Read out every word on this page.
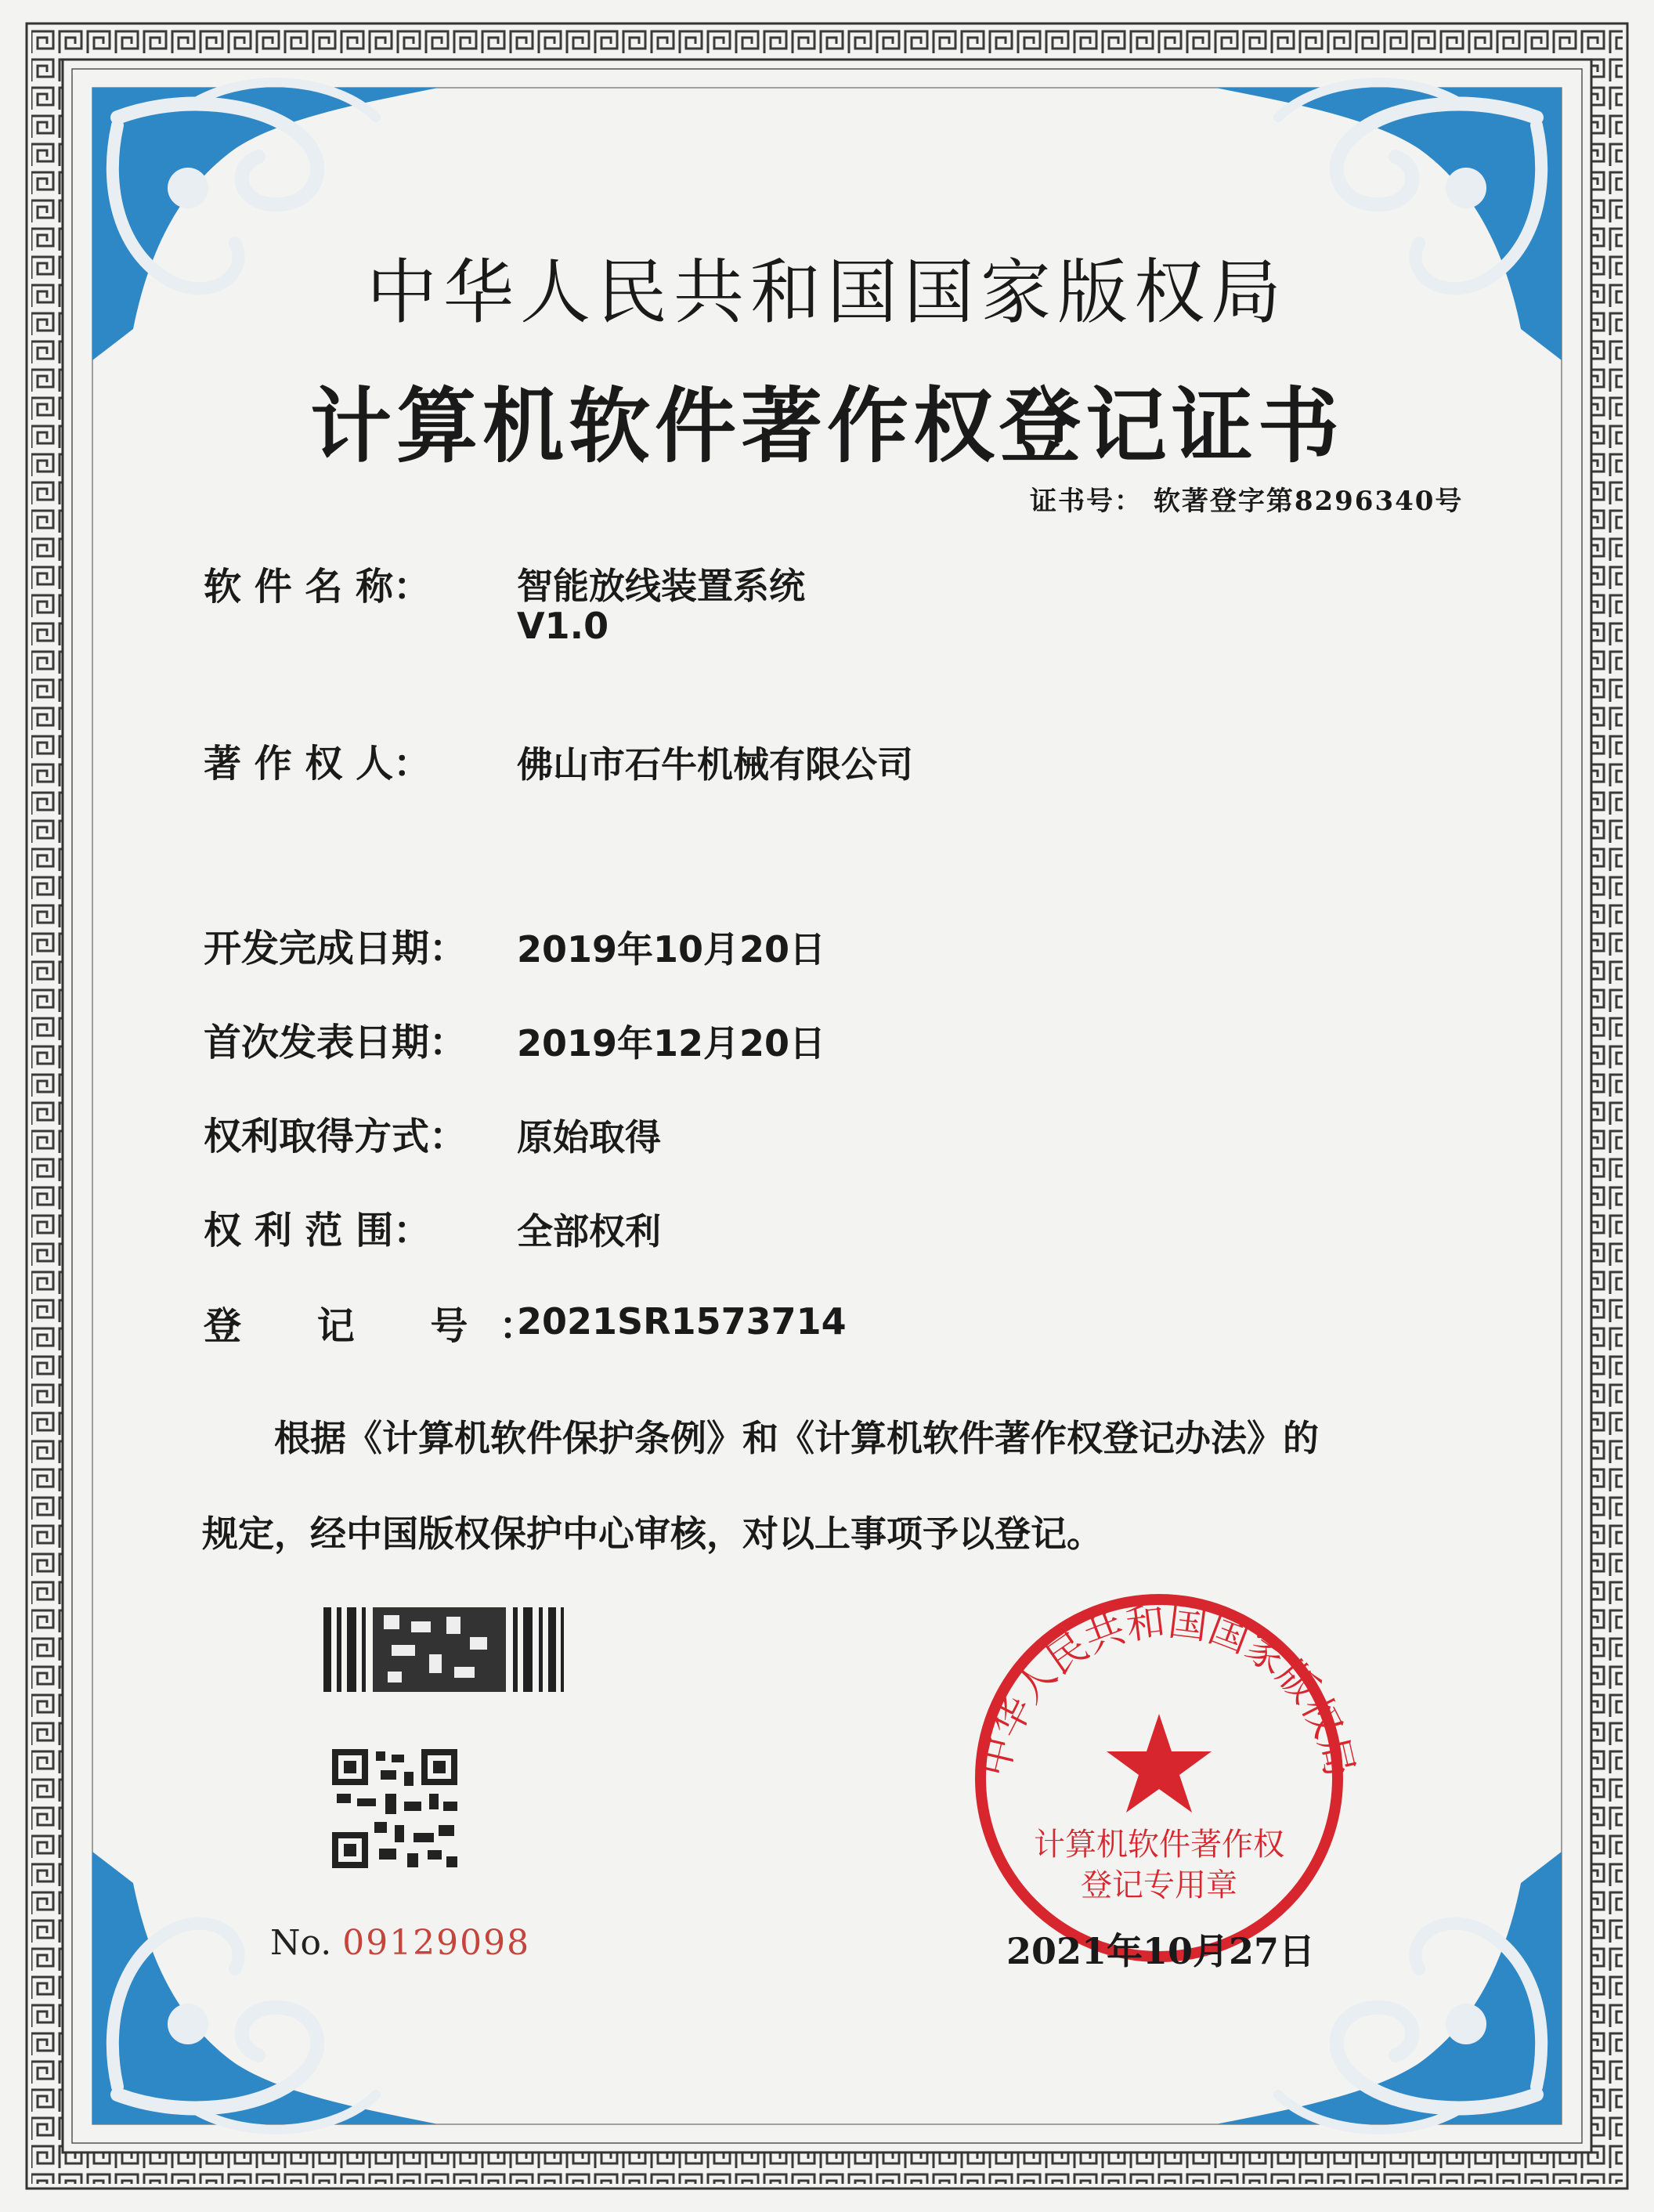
中华人民共和国国家版权局
计算机软件著作权
登记专用章
中华人民共和国国家版权局
计算机软件著作权登记证书
证书号： 软著登字第8296340号
软 件 名 称： 智能放线装置系统
V1.0
著 作 权 人： 佛山市石牛机械有限公司
开发完成日期： 2019年10月20日
首次发表日期： 2019年12月20日
权利取得方式： 原始取得
权 利 范 围： 全部权利
登 记 号：
2021SR1573714
根据《计算机软件保护条例》和《计算机软件著作权登记办法》的
规定，经中国版权保护中心审核，对以上事项予以登记。
No. 09129098	2021年10月27日
